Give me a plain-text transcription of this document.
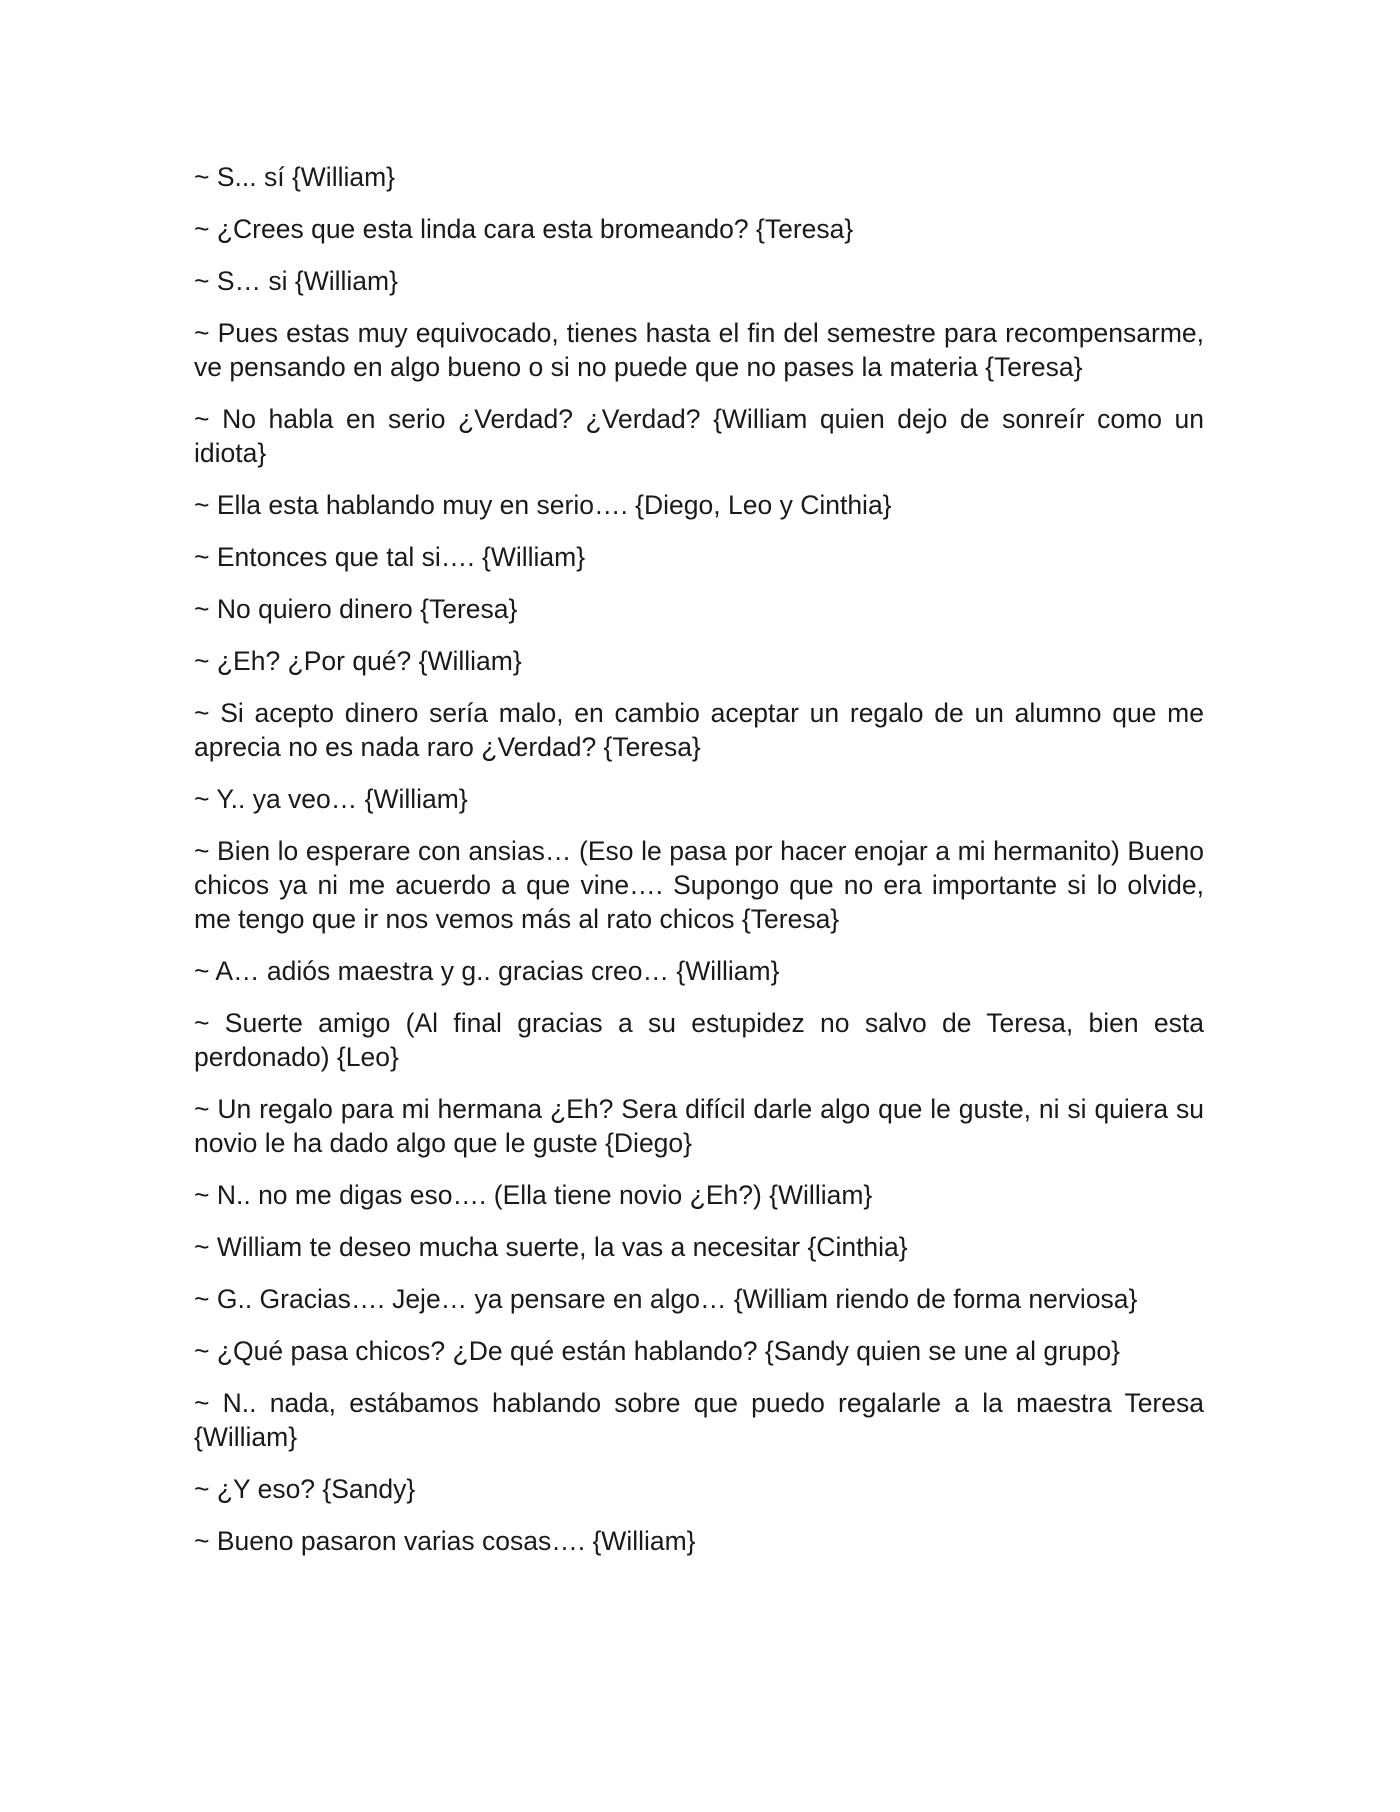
~ S... sí {William}

~ ¿Crees que esta linda cara esta bromeando? {Teresa}

~ S… si {William}

~ Pues estas muy equivocado, tienes hasta el fin del semestre para recompensarme, ve pensando en algo bueno o si no puede que no pases la materia {Teresa}

~ No habla en serio ¿Verdad? ¿Verdad? {William quien dejo de sonreír como un idiota}

~ Ella esta hablando muy en serio…. {Diego, Leo y Cinthia}

~ Entonces que tal si…. {William}

~ No quiero dinero {Teresa}

~ ¿Eh? ¿Por qué? {William}

~ Si acepto dinero sería malo, en cambio aceptar un regalo de un alumno que me aprecia no es nada raro ¿Verdad? {Teresa}

~ Y.. ya veo… {William}

~ Bien lo esperare con ansias… (Eso le pasa por hacer enojar a mi hermanito) Bueno chicos ya ni me acuerdo a que vine…. Supongo que no era importante si lo olvide, me tengo que ir nos vemos más al rato chicos {Teresa}

~ A… adiós maestra y g.. gracias creo… {William}

~ Suerte amigo (Al final gracias a su estupidez no salvo de Teresa, bien esta perdonado) {Leo}

~ Un regalo para mi hermana ¿Eh? Sera difícil darle algo que le guste, ni si quiera su novio le ha dado algo que le guste {Diego}

~ N.. no me digas eso…. (Ella tiene novio ¿Eh?) {William}

~ William te deseo mucha suerte, la vas a necesitar {Cinthia}

~ G.. Gracias…. Jeje… ya pensare en algo… {William riendo de forma nerviosa}

~ ¿Qué pasa chicos? ¿De qué están hablando? {Sandy quien se une al grupo}

~ N.. nada, estábamos hablando sobre que puedo regalarle a la maestra Teresa {William}

~ ¿Y eso? {Sandy}

~ Bueno pasaron varias cosas…. {William}
